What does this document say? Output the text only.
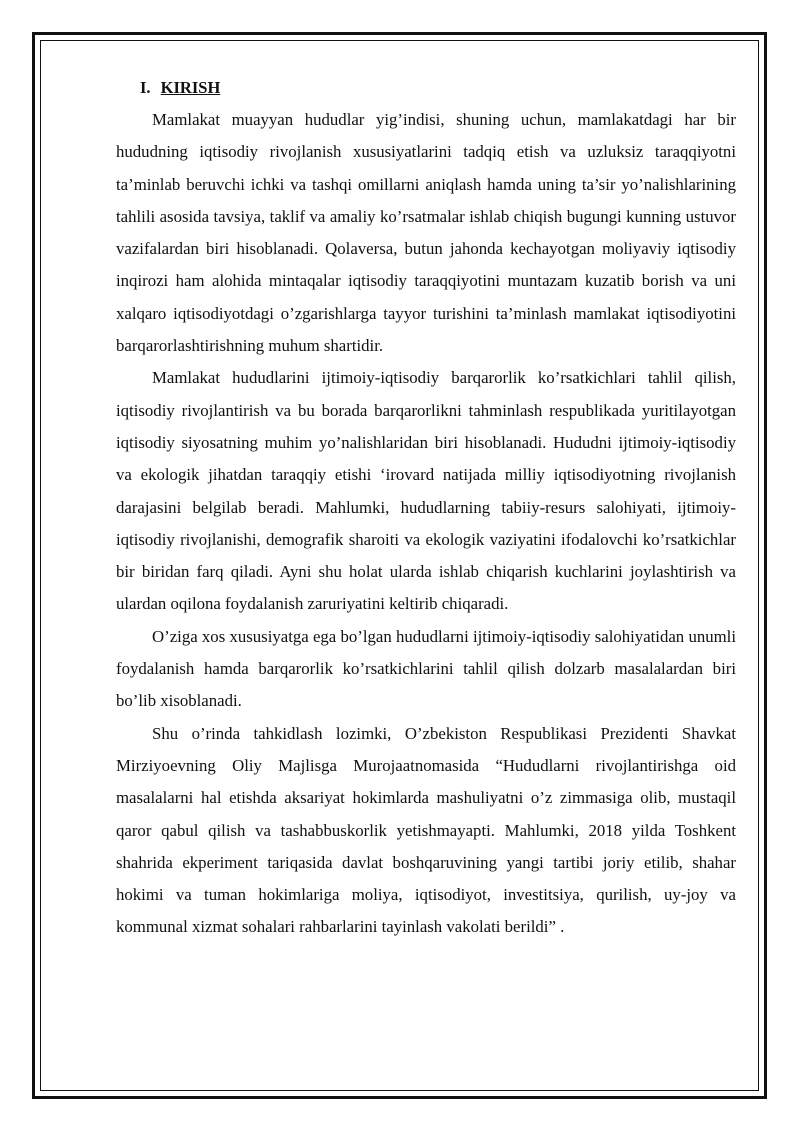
I. KIRISH

Mamlakat muayyan hududlar yig’indisi, shuning uchun, mamlakatdagi har bir hududning iqtisodiy rivojlanish xususiyatlarini tadqiq etish va uzluksiz taraqqiyotni ta’minlab beruvchi ichki va tashqi omillarni aniqlash hamda uning ta’sir yo’nalishlarining tahlili asosida tavsiya, taklif va amaliy ko’rsatmalar ishlab chiqish bugungi kunning ustuvor vazifalardan biri hisoblanadi. Qolaversa, butun jahonda kechayotgan moliyaviy iqtisodiy inqirozi ham alohida mintaqalar iqtisodiy taraqqiyotini muntazam kuzatib borish va uni xalqaro iqtisodiyotdagi o’zgarishlarga tayyor turishini ta’minlash mamlakat iqtisodiyotini barqarorlashtirishning muhum shartidir.

Mamlakat hududlarini ijtimoiy-iqtisodiy barqarorlik ko’rsatkichlari tahlil qilish, iqtisodiy rivojlantirish va bu borada barqarorlikni tahminlash respublikada yuritilayotgan iqtisodiy siyosatning muhim yo’nalishlaridan biri hisoblanadi. Hududni ijtimoiy-iqtisodiy va ekologik jihatdan taraqqiy etishi ‘irovard natijada milliy iqtisodiyotning rivojlanish darajasini belgilab beradi. Mahlumki, hududlarning tabiiy-resurs salohiyati, ijtimoiy-iqtisodiy rivojlanishi, demografik sharoiti va ekologik vaziyatini ifodalovchi ko’rsatkichlar bir biridan farq qiladi. Ayni shu holat ularda ishlab chiqarish kuchlarini joylashtirish va ulardan oqilona foydalanish zaruriyatini keltirib chiqaradi.

O’ziga xos xususiyatga ega bo’lgan hududlarni ijtimoiy-iqtisodiy salohiyatidan unumli foydalanish hamda barqarorlik ko’rsatkichlarini tahlil qilish dolzarb masalalardan biri bo’lib xisoblanadi.

Shu o’rinda tahkidlash lozimki, O’zbekiston Respublikasi Prezidenti Shavkat Mirziyoevning Oliy Majlisga Murojaatnomasida “Hududlarni rivojlantirishga oid masalalarni hal etishda aksariyat hokimlarda mashuliyatni o’z zimmasiga olib, mustaqil qaror qabul qilish va tashabbuskorlik yetishmayapti. Mahlumki, 2018 yilda Toshkent shahrida ekperiment tariqasida davlat boshqaruvining yangi tartibi joriy etilib, shahar hokimi va tuman hokimlariga moliya, iqtisodiyot, investitsiya, qurilish, uy-joy va kommunal xizmat sohalari rahbarlarini tayinlash vakolati berildi” .
